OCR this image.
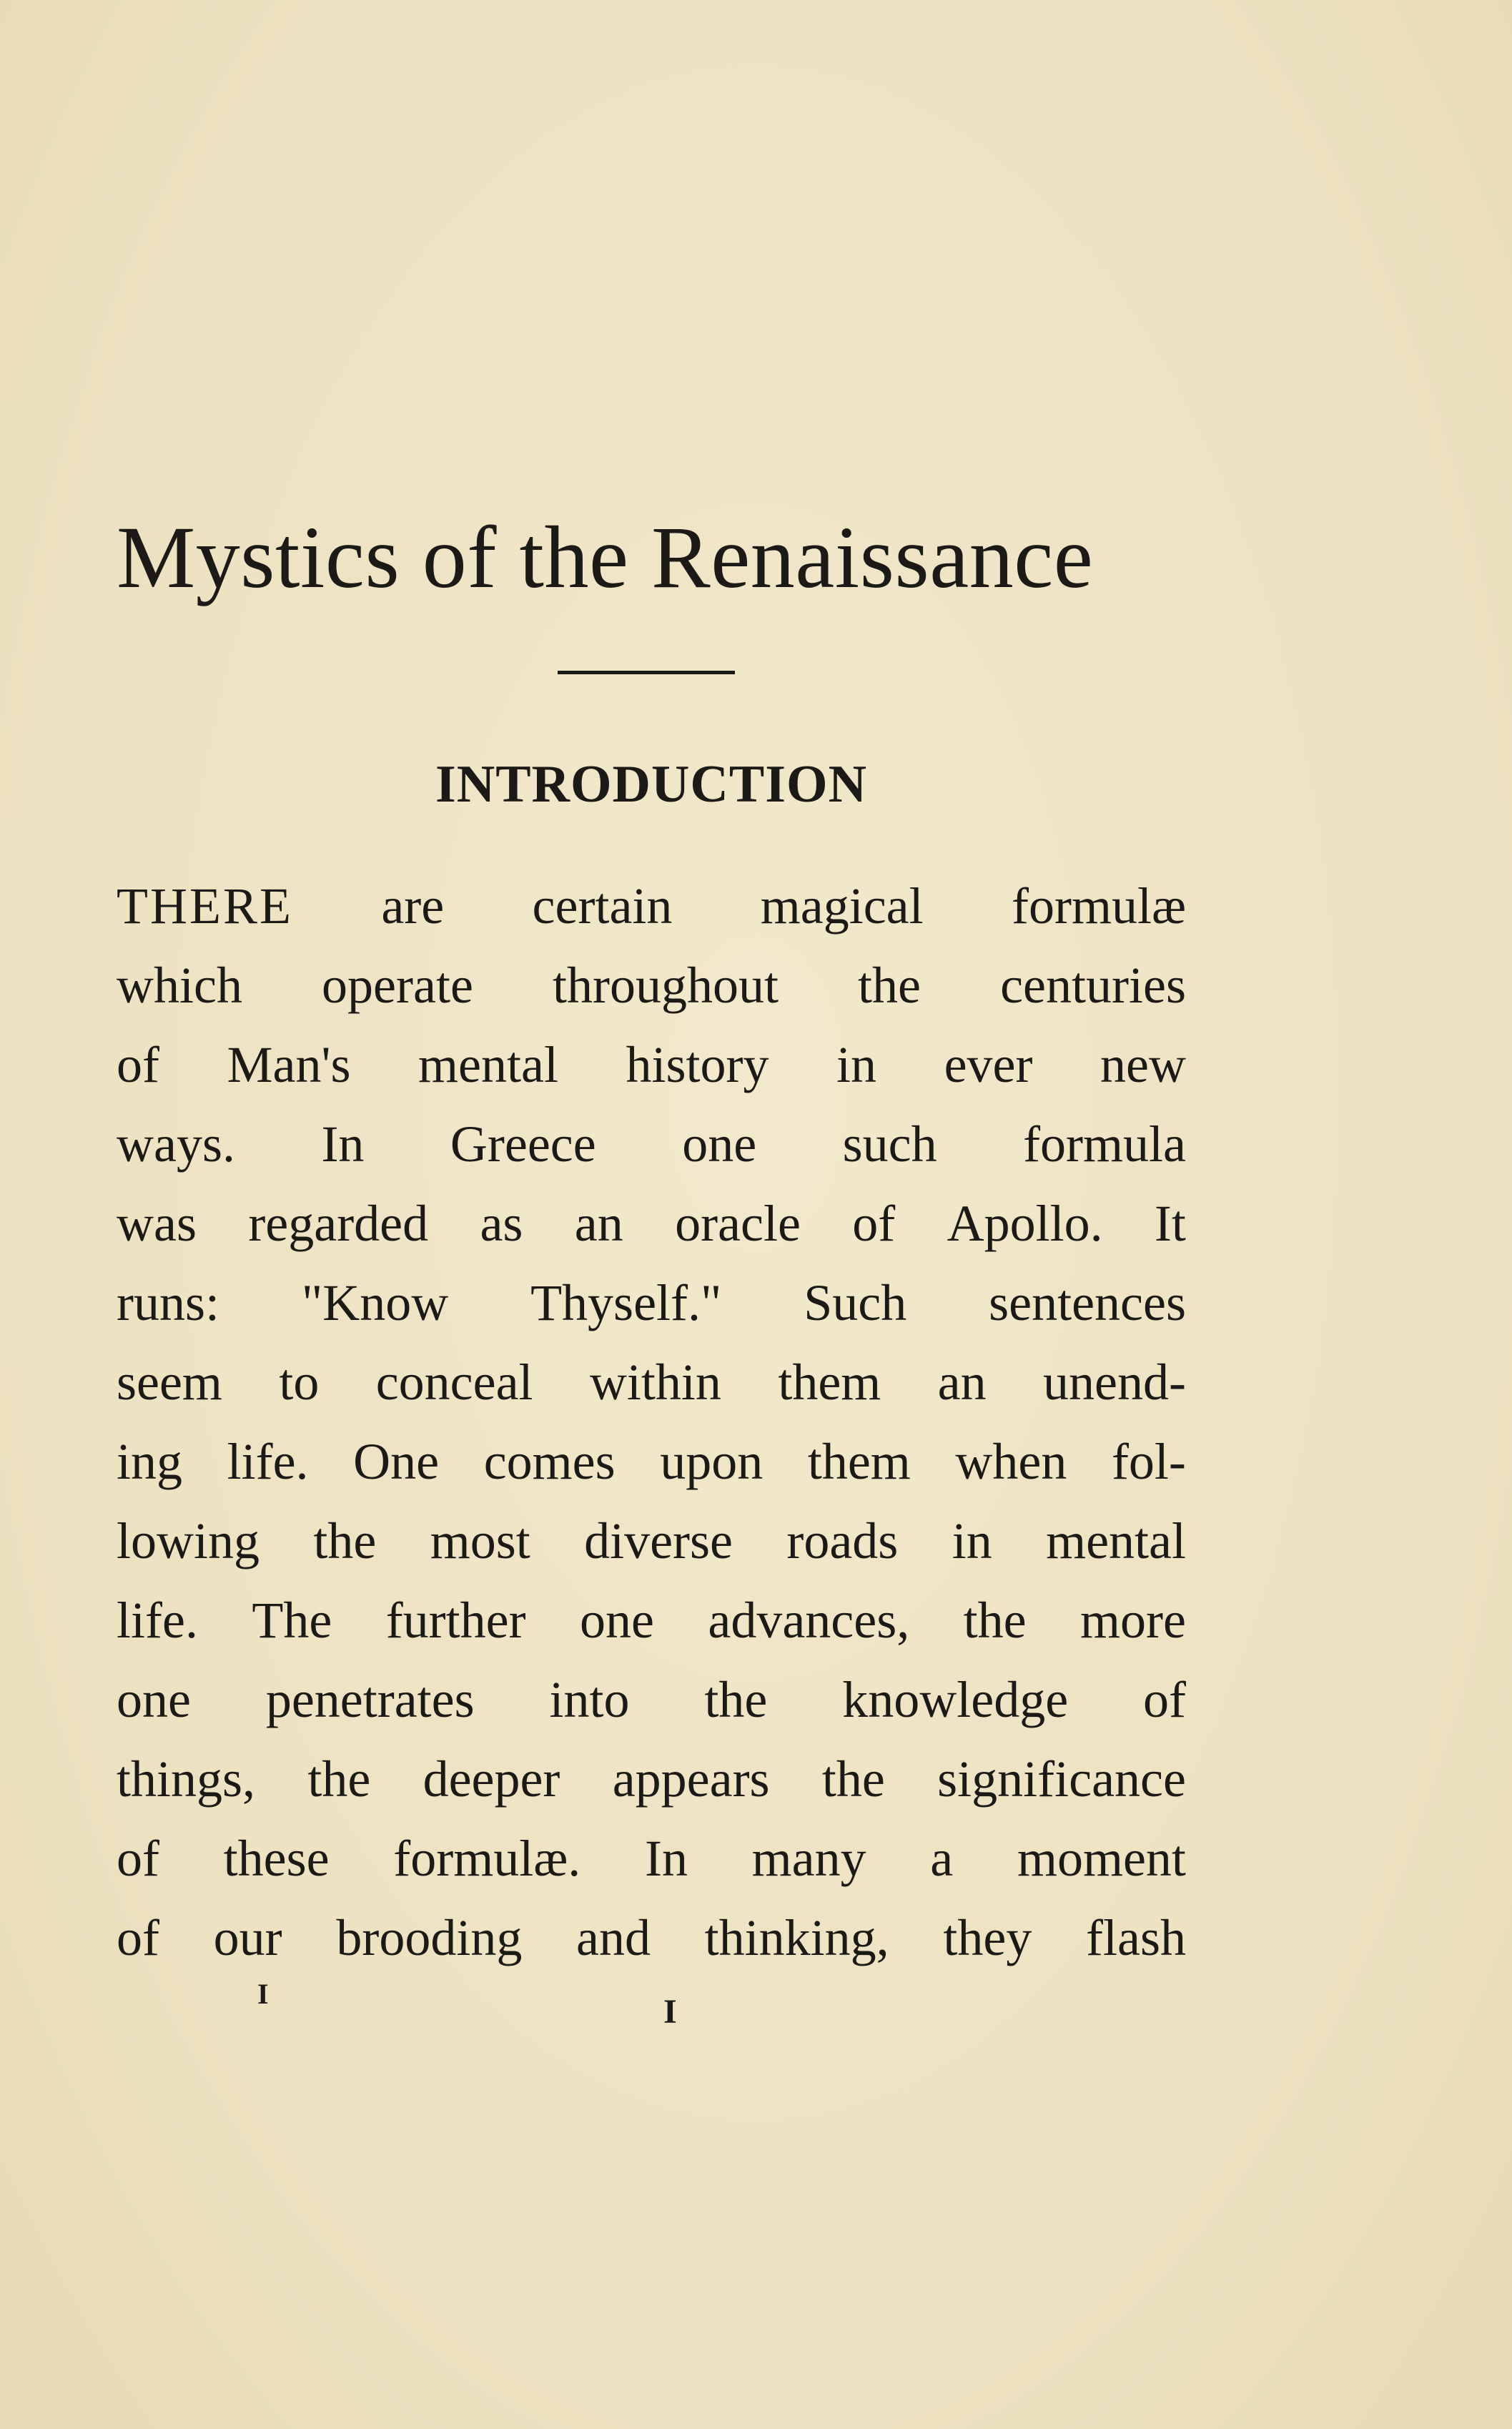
Mystics of the Renaissance
INTRODUCTION
THERE are certain magical formulæ
which operate throughout the centuries
of Man's mental history in ever new
ways. In Greece one such formula
was regarded as an oracle of Apollo. It
runs: "Know Thyself." Such sentences
seem to conceal within them an unend-
ing life. One comes upon them when fol-
lowing the most diverse roads in mental
life. The further one advances, the more
one penetrates into the knowledge of
things, the deeper appears the significance
of these formulæ. In many a moment
of our brooding and thinking, they flash
I	I
